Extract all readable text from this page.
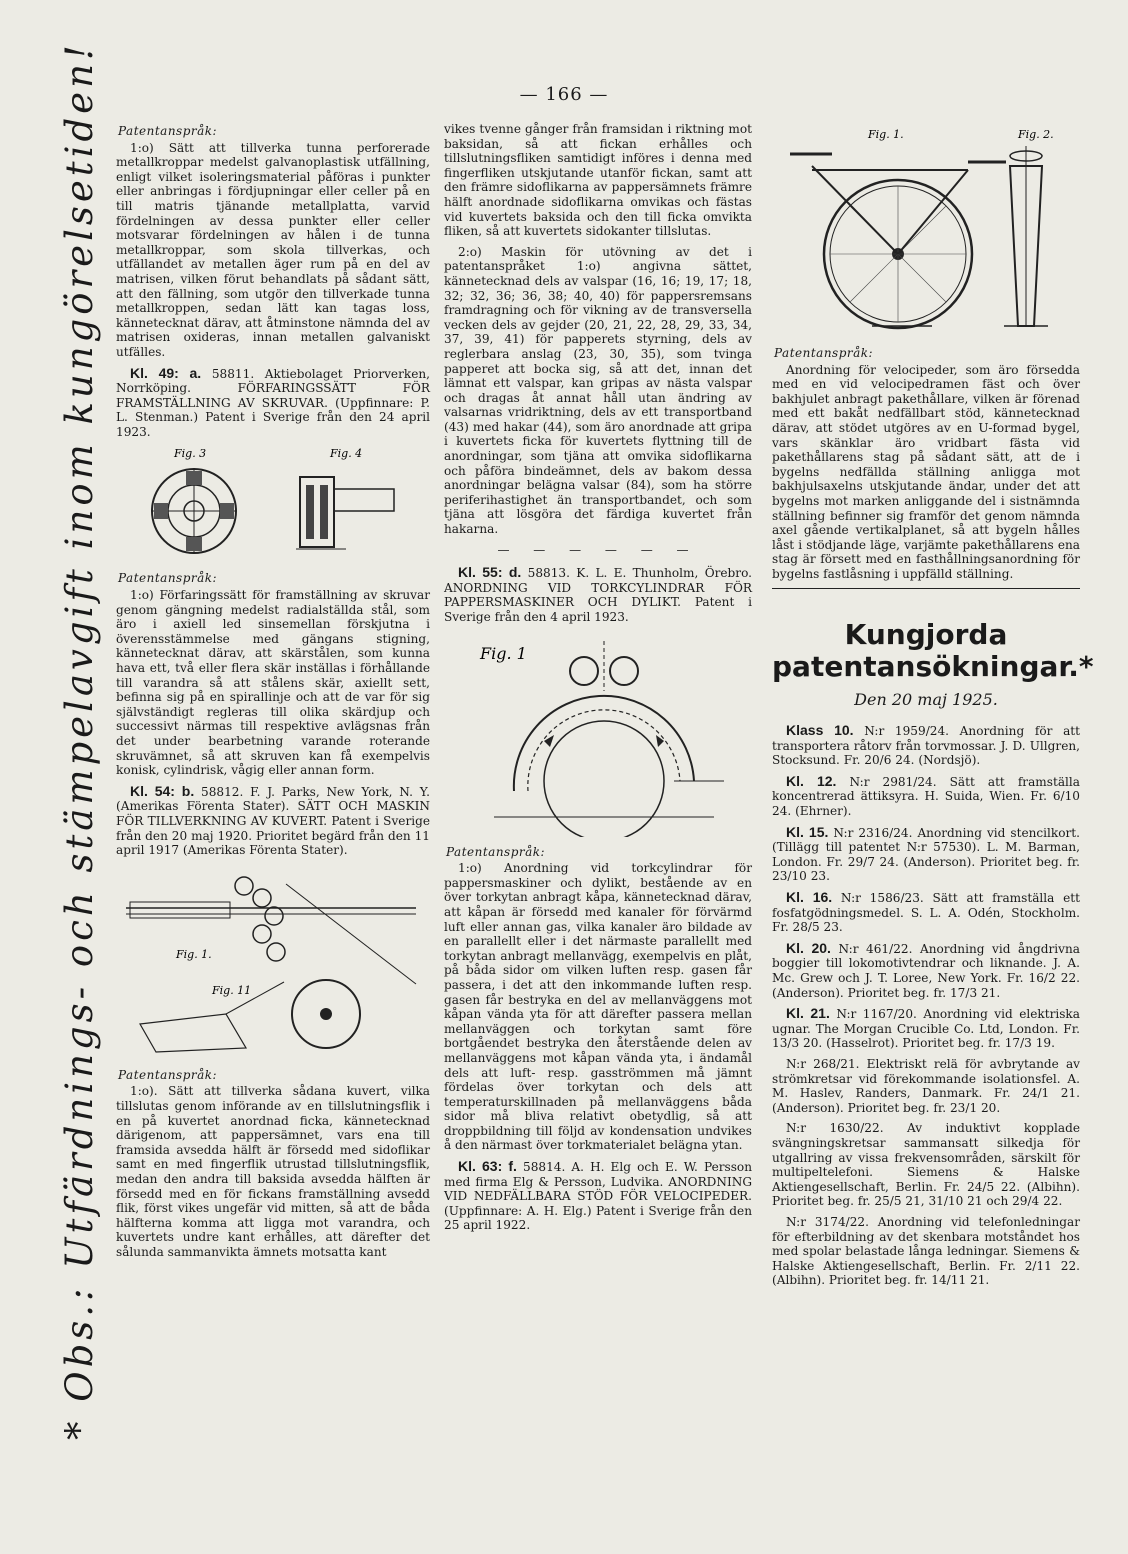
— 166 —
* Obs.: Utfärdnings- och stämpelavgift inom kungörelsetiden!	Patentanspråk:

1:o) Sätt att tillverka tunna perforerade metallkroppar medelst galvanoplastisk utfällning, enligt vilket isoleringsmaterial påföras i punkter eller anbringas i fördjupningar eller celler på en till matris tjänande metallplatta, varvid fördelningen av dessa punkter eller celler motsvarar fördelningen av hålen i de tunna metallkroppar, som skola tillverkas, och utfällandet av metallen äger rum på en del av matrisen, vilken förut behandlats på sådant sätt, att den fällning, som utgör den tillverkade tunna metallkroppen, sedan lätt kan tagas loss, kännetecknat därav, att åtminstone nämnda del av matrisen oxideras, innan metallen galvaniskt utfälles.

Kl. 49: a. 58811. Aktiebolaget Priorverken, Norrköping. FÖRFARINGSSÄTT FÖR FRAMSTÄLLNING AV SKRUVAR. (Uppfinnare: P. L. Stenman.) Patent i Sverige från den 24 april 1923.
Fig. 3	Fig. 4
Patentanspråk:

1:o) Förfaringssätt för framställning av skruvar genom gängning medelst radialställda stål, som äro i axiell led sinsemellan förskjutna i överensstämmelse med gängans stigning, kännetecknat därav, att skärstålen, som kunna hava ett, två eller flera skär inställas i förhållande till varandra så att stålens skär, axiellt sett, befinna sig på en spirallinje och att de var för sig självständigt regleras till olika skärdjup och successivt närmas till respektive avlägsnas från det under bearbetning varande roterande skruvämnet, så att skruven kan få exempelvis konisk, cylindrisk, vågig eller annan form.

Kl. 54: b. 58812. F. J. Parks, New York, N. Y. (Amerikas Förenta Stater). SÄTT OCH MASKIN FÖR TILLVERKNING AV KUVERT. Patent i Sverige från den 20 maj 1920. Prioritet begärd från den 11 april 1917 (Amerikas Förenta Stater).
Fig. 1.
Fig. 11
Patentanspråk:

1:o). Sätt att tillverka sådana kuvert, vilka tillslutas genom införande av en tillslutningsflik i en på kuvertet anordnad ficka, kännetecknad därigenom, att pappersämnet, vars ena till framsida avsedda hälft är försedd med sidoflikar samt en med fingerflik utrustad tillslutningsflik, medan den andra till baksida avsedda hälften är försedd med en för fickans framställning avsedd flik, först vikes ungefär vid mitten, så att de båda hälfterna komma att ligga mot varandra, och kuvertets undre kant erhålles, att därefter det sålunda sammanvikta ämnets motsatta kant

vikes tvenne gånger från framsidan i riktning mot baksidan, så att fickan erhålles och tillslutningsfliken samtidigt införes i denna med fingerfliken utskjutande utanför fickan, samt att den främre sidoflikarna av pappersämnets främre hälft anordnade sidoflikarna omvikas och fästas vid kuvertets baksida och den till ficka omvikta fliken, så att kuvertets sidokanter tillslutas.

2:o) Maskin för utövning av det i patentanspråket 1:o) angivna sättet, kännetecknad dels av valspar (16, 16; 19, 17; 18, 32; 32, 36; 36, 38; 40, 40) för pappersremsans framdragning och för vikning av de transversella vecken dels av gejder (20, 21, 22, 28, 29, 33, 34, 37, 39, 41) för papperets styrning, dels av reglerbara anslag (23, 30, 35), som tvinga papperet att bocka sig, så att det, innan det lämnat ett valspar, kan gripas av nästa valspar och dragas åt annat håll utan ändring av valsarnas vridriktning, dels av ett transportband (43) med hakar (44), som äro anordnade att gripa i kuvertets ficka för kuvertets flyttning till de anordningar, som tjäna att omvika sidoflikarna och påföra bindeämnet, dels av bakom dessa anordningar belägna valsar (84), som ha större periferihastighet än transportbandet, och som tjäna att lösgöra det färdiga kuvertet från hakarna.

— — — — — —
Kl. 55: d. 58813. K. L. E. Thunholm, Örebro. ANORDNING VID TORKCYLINDRAR FÖR PAPPERSMASKINER OCH DYLIKT. Patent i Sverige från den 4 april 1923.
Fig. 1
Patentanspråk:

1:o) Anordning vid torkcylindrar för pappersmaskiner och dylikt, bestående av en över torkytan anbragt kåpa, kännetecknad därav, att kåpan är försedd med kanaler för förvärmd luft eller annan gas, vilka kanaler äro bildade av en parallellt eller i det närmaste parallellt med torkytan anbragt mellanvägg, exempelvis en plåt, på båda sidor om vilken luften resp. gasen får passera, i det att den inkommande luften resp. gasen får bestryka en del av mellanväggens mot kåpan vända yta för att därefter passera mellan mellanväggen och torkytan samt före bortgåendet bestryka den återstående delen av mellanväggens mot kåpan vända yta, i ändamål dels att luft- resp. gasströmmen må jämnt fördelas över torkytan och dels att temperaturskillnaden på mellanväggens båda sidor må bliva relativt obetydlig, så att droppbildning till följd av kondensation undvikes å den närmast över torkmaterialet belägna ytan.

Kl. 63: f. 58814. A. H. Elg och E. W. Persson med firma Elg & Persson, Ludvika. ANORDNING VID NEDFÄLLBARA STÖD FÖR VELOCIPEDER. (Uppfinnare: A. H. Elg.) Patent i Sverige från den 25 april 1922.
Fig. 1.	Fig. 2.
Patentanspråk:

Anordning för velocipeder, som äro försedda med en vid velocipedramen fäst och över bakhjulet anbragt pakethållare, vilken är förenad med ett bakåt nedfällbart stöd, kännetecknad därav, att stödet utgöres av en U-formad bygel, vars skänklar äro vridbart fästa vid pakethållarens stag på sådant sätt, att de i bygelns nedfällda ställning anligga mot bakhjulsaxelns utskjutande ändar, under det att bygelns mot marken anliggande del i sistnämnda ställning befinner sig framför det genom nämnda axel gående vertikalplanet, så att bygeln hålles låst i stödjande läge, varjämte pakethållarens ena stag är försett med en fasthållningsanordning för bygelns fastlåsning i uppfälld ställning.

Kungjorda patentansökningar.*
Den 20 maj 1925.
Klass 10. N:r 1959/24. Anordning för att transportera råtorv från torvmossar. J. D. Ullgren, Stocksund. Fr. 20/6 24. (Nordsjö).
Kl. 12. N:r 2981/24. Sätt att framställa koncentrerad ättiksyra. H. Suida, Wien. Fr. 6/10 24. (Ehrner).
Kl. 15. N:r 2316/24. Anordning vid stencilkort. (Tillägg till patentet N:r 57530). L. M. Barman, London. Fr. 29/7 24. (Anderson). Prioritet beg. fr. 23/10 23.
Kl. 16. N:r 1586/23. Sätt att framställa ett fosfatgödningsmedel. S. L. A. Odén, Stockholm. Fr. 28/5 23.
Kl. 20. N:r 461/22. Anordning vid ångdrivna boggier till lokomotivtendrar och liknande. J. A. Mc. Grew och J. T. Loree, New York. Fr. 16/2 22. (Anderson). Prioritet beg. fr. 17/3 21.
Kl. 21. N:r 1167/20. Anordning vid elektriska ugnar. The Morgan Crucible Co. Ltd, London. Fr. 13/3 20. (Hasselrot). Prioritet beg. fr. 17/3 19.
N:r 268/21. Elektriskt relä för avbrytande av strömkretsar vid förekommande isolationsfel. A. M. Haslev, Randers, Danmark. Fr. 24/1 21. (Anderson). Prioritet beg. fr. 23/1 20.
N:r 1630/22. Av induktivt kopplade svängningskretsar sammansatt silkedja för utgallring av vissa frekvensområden, särskilt för multipeltelefoni. Siemens & Halske Aktiengesellschaft, Berlin. Fr. 24/5 22. (Albihn). Prioritet beg. fr. 25/5 21, 31/10 21 och 29/4 22.
N:r 3174/22. Anordning vid telefonledningar för efterbildning av det skenbara motståndet hos med spolar belastade långa ledningar. Siemens & Halske Aktiengesellschaft, Berlin. Fr. 2/11 22. (Albihn). Prioritet beg. fr. 14/11 21.
